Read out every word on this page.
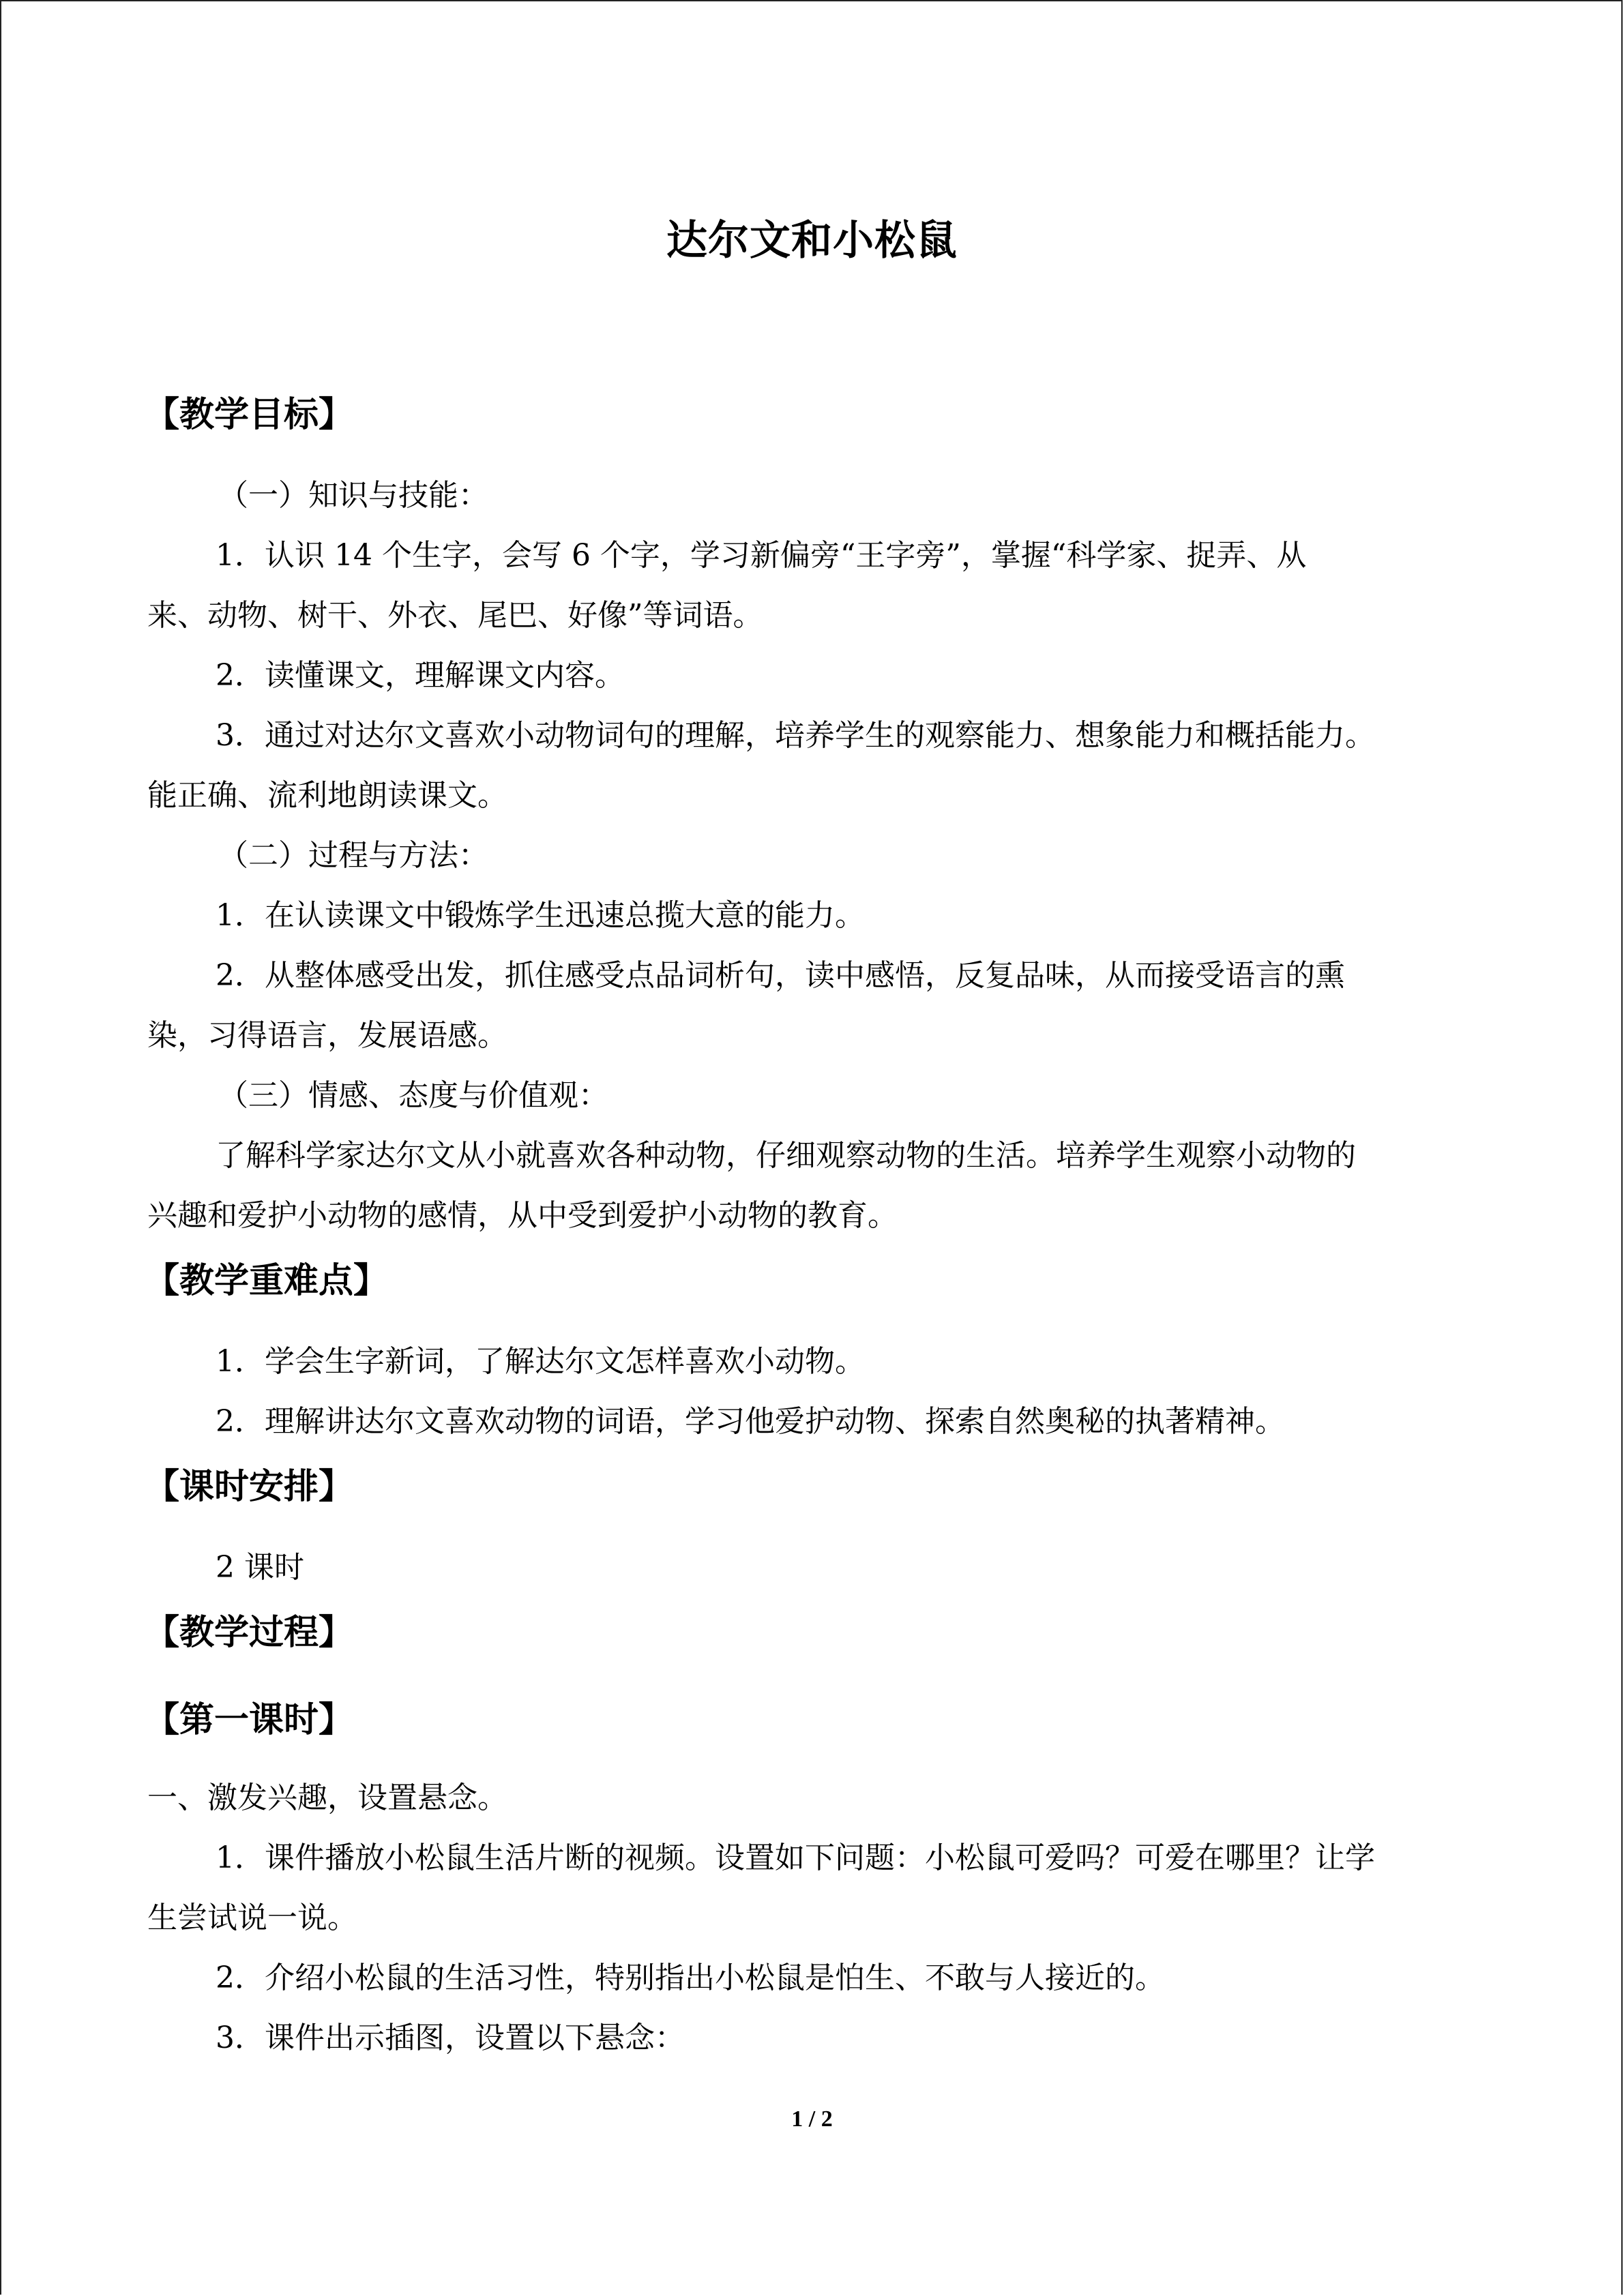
达尔文和小松鼠
【教学目标】
（一）知识与技能：
1．认识 14 个生字，会写 6 个字，学习新偏旁“王字旁”，掌握“科学家、捉弄、从
来、动物、树干、外衣、尾巴、好像”等词语。
2．读懂课文，理解课文内容。
3．通过对达尔文喜欢小动物词句的理解，培养学生的观察能力、想象能力和概括能力。
能正确、流利地朗读课文。
（二）过程与方法：
1．在认读课文中锻炼学生迅速总揽大意的能力。
2．从整体感受出发，抓住感受点品词析句，读中感悟，反复品味，从而接受语言的熏
染，习得语言，发展语感。
（三）情感、态度与价值观：
了解科学家达尔文从小就喜欢各种动物，仔细观察动物的生活。培养学生观察小动物的
兴趣和爱护小动物的感情，从中受到爱护小动物的教育。
【教学重难点】
1．学会生字新词，了解达尔文怎样喜欢小动物。
2．理解讲达尔文喜欢动物的词语，学习他爱护动物、探索自然奥秘的执著精神。
【课时安排】
2 课时
【教学过程】
【第一课时】
一、激发兴趣，设置悬念。
1．课件播放小松鼠生活片断的视频。设置如下问题：小松鼠可爱吗？可爱在哪里？让学
生尝试说一说。
2．介绍小松鼠的生活习性，特别指出小松鼠是怕生、不敢与人接近的。
3．课件出示插图，设置以下悬念：
1 / 2
